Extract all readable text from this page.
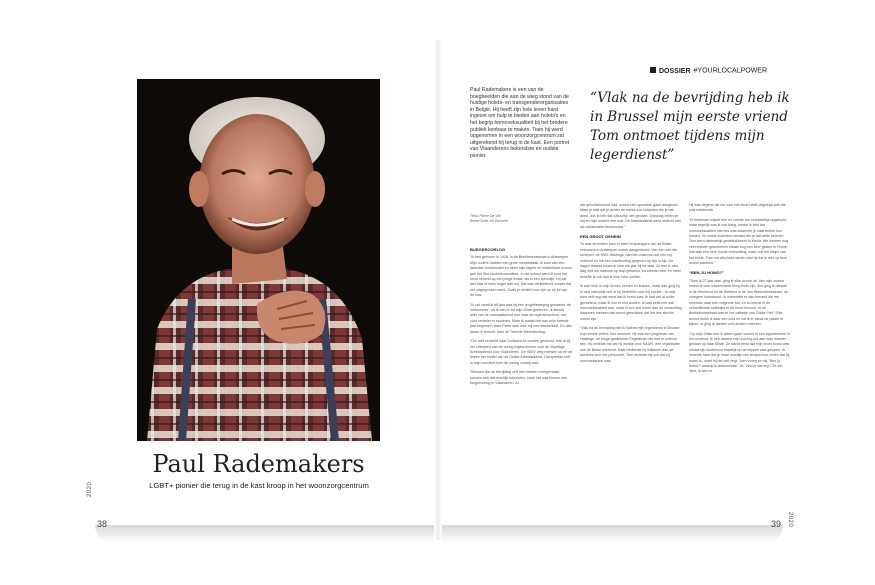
Paul Rademakers
LGBT+ pionier die terug in de kast kroop in het woonzorgcentrum
2020
38	39 2020
DOSSIER #YOURLOCALPOWER
Paul Rademakers is een van de boegbeelden die aan de wieg stond van de huidige holebi- en transgenderorganisaties in België. Hij heeft zijn hele leven hard ingezet om hulp te bieden aan holebi's en het begrip homoseksualiteit bij het bredere publiek kenbaar te maken. Toen hij werd opgenomen in een woonzorgcentrum zat uitgerekend hij terug in de kast. Een portret van Vlaanderens bekendste en oudste pionier.
Tekst Pieter De Wit
Beeld Sofie De Backere
“Vlak na de bevrijding heb ik in Brussel mijn eerste vriend Tom ontmoet tijdens mijn legerdienst”
BURGEROORLOG

“Ik ben geboren in 1926, in de Beeldekensstraat in Antwerpen. Mijn ouders hadden een grote meubelzaak. Ik kom van een katholiek huishouden en deed mijn lagere en middelbare school aan het Sint-Norbertusinstituut. In die school werd ik voor het eerst verliefd op een jonge leraar, als in een sprookje. Hij zat een klas of twee hoger dan mij. Dat was verliefdheid zonder dat het uitgesproken werd. Zoals je verliefd zou zijn op de juf van de klas.

“Ik zat vanaf ik elf jaar was bij een jeugdbeweging genaamd ‘de Verkenners’, en ik ben er tot mijn 20ste gebleven. Ik steeds later van de normaalschool een naar de regentenschool, om voor verdeler te studeren. Maar ik maakt niet aan mijn tweede jaar beginnen, want Pietie was voor mij een struikelblok. En dan kwam ik terecht, toen de Tweede Wereldoorlog.

“Om niet verplicht naar Duitsland te worden gestuurd, heb ik bij het uitbreken van de oorlog ingeschreven voor de Vrijwillige Arbeidsdienst voor Vlaanderen. De VAVV ving mensen op en ze waren het model van de Duitse Arbeidsdienst. Dat speelde niet in mijn voordeel toen de oorlog voorbij was.

“Mensen die de bevrijding zelf niet hebben meegemaakt, kunnen zich dat moeilijk inbeelden, maar het was binnen een burgeroorlog in Vlaanderen. Al

wie gecollaboreerd had, moest zich spontaan gaan aangeven. Maar je wist dat je achter de tralies zou belanden als je dat deed, dus ik heb dat natuurlijk niet gedaan. Gelukkig heten ze mij en mijn ouders met rust. De Arbeidsdienst werd wellicht niet als collaboratie beschouwd.”

EEN GROOT GEHEIM

“Ik was zeventien toen er twee kruipdragers van de Britse zeemacht in Antwerpen waren aangemeerd. Van een van die schepen, de HMS Hastings, had een matroos ooit een my ontkend en me een onvoltooiing gegeven op zijn schip. De dagen daarna kwam ik hem elk jaar bij de stad. Zo ben ik elke dag met die matroos op stap geweest, en steeds meer en meer besefte ik ook wat ik voor hem voelde.

Ik was hem in mijn armen nemen en kussen, maar dan ging hij. Ik wist natuurlijk niet of hij hetzelfde voor mij voelde – ik wist toen zelf nog niet eens dat ik homo was. Ik had wel al zulke gevoelens, maar ik kon er niet duiden. Ik was zelfs niet wat homoseksualiteit was, maar ik kon wel horen aan de minachting waarmee mensen dat woord gebruikten dat het iets slechts moest zijn.”

“Vlak na de bevrijding heb ik tijdens mijn legerdienst in Brussel mijn eerste vriend Tom ontmoet. Hij was een jongeman van Hastings, de enige geallieerde Engelsman die met in uniform liep. Hij vertelde me dat hij werkte voor NAAFI, een organisatie van de Britse overheid. Daar bediende hij militairen aan de kantines voor het personeel. Tom vertelde mij ook dat hij homoseksueel was.

Hij was degene die me voor het eerst heeft uitgelegd wat dat juist betekende.

“Ik herkende mijzelf erin en voelde me onmiddellijk opgelucht, maar tegelijk was ik ook bang, omdat ik wist dat homoseksualiteit niet iets was waarmee je naar buiten kon komen. Je moest doorheen iemand als je dat wilde beleven. Tom werd uiteindelijk gedeblokkeerd in Kenia. We hebben nog veel brieven geschreven elkaar nog een keer gezien in Rome. Dat was een hele mooie ontmoeting, maar ook het begin van het einde. Toen we afscheid namen wist hij dat ik met op hem moest wachten.”

“BEN JIJ HOMO?”

“Toen ik 27 jaar was, ging ik elke avond uit. Van mijn ouders moest ik voor middernacht terug thuis zijn, dus ging ik dansen in de Weekend en de Weitend in de Van Wesenbeekstraat, de vroegere homobuurt. Ik ontmoette er dan iemand die me meenam naar een volgende bar, en zo leerde ik de verschillende cafeetjes in de buurt kennen. In de Beeldekensstraat was er het cafeetje van ‘Dikke Piet’. Elke avond dronk ik daar een cola en zat ik er vanaf de plaats te kijken, of ging ik dansen met andere mannen.

“Op mijn 29ste ben ik alleen gaan wonen in een appartement in het centrum. Ik heb daarna mijn coming-out aan mijn moeder gedaan op haar 80ste. Ze dacht eerst dat mijn broer homo was omdat zijn kinderloos huwelijk op de klippen was gelopen. Ik vertelde haar dat je maar moeilijk van iemand kon weten dat hij homo is, ‘want hij het zelf zegt. Toen vroeg ze mij: ‘Ben jij homo?’ waarop ik antwoordde: ‘Ja. Vind je dat erg?’ Ze zei: ‘Nee, ik ben er
